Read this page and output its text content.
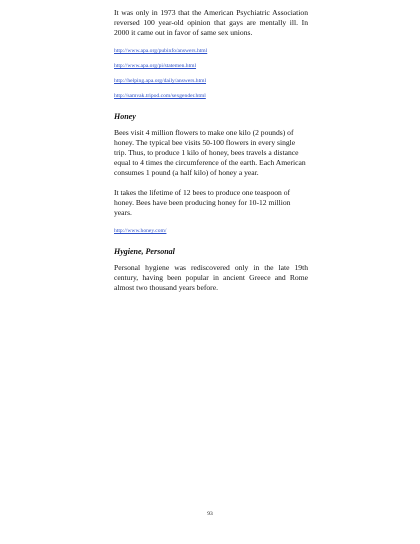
It was only in 1973 that the American Psychiatric Association reversed 100 year-old opinion that gays are mentally ill. In 2000 it came out in favor of same sex unions.

http://www.apa.org/pubinfo/answers.html
http://www.apa.org/pi/statemen.html
http://helping.apa.org/daily/answers.html
http://samvak.tripod.com/sexgender.html
Honey

Bees visit 4 million flowers to make one kilo (2 pounds) of honey. The typical bee visits 50-100 flowers in every single trip. Thus, to produce 1 kilo of honey, bees travels a distance equal to 4 times the circumference of the earth. Each American consumes 1 pound (a half kilo) of honey a year.

It takes the lifetime of 12 bees to produce one teaspoon of honey. Bees have been producing honey for 10-12 million years.

http://www.honey.com/
Hygiene, Personal

Personal hygiene was rediscovered only in the late 19th century, having been popular in ancient Greece and Rome almost two thousand years before.

93
